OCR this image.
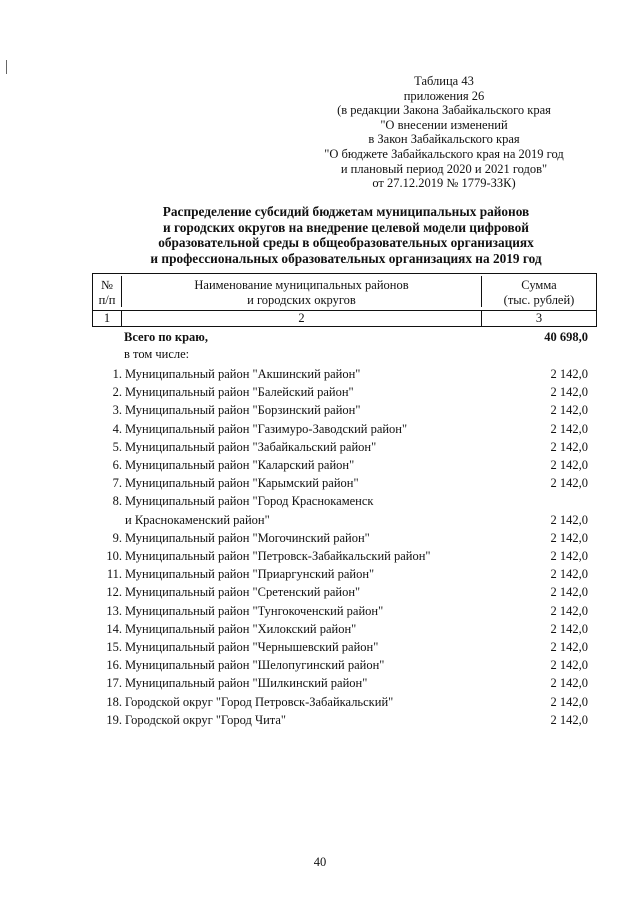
Таблица 43
приложения 26
(в редакции Закона Забайкальского края
"О внесении изменений
в Закон Забайкальского края
"О бюджете Забайкальского края на 2019 год
и плановый период 2020 и 2021 годов"
от 27.12.2019 № 1779-ЗЗК)
Распределение субсидий бюджетам муниципальных районов
и городских округов на внедрение целевой модели цифровой
образовательной среды в общеобразовательных организациях
и профессиональных образовательных организациях на 2019 год
№
п/п
Наименование муниципальных районов
и городских округов
Сумма
(тыс. рублей)
1	2	3
Всего по краю,	40 698,0
в том числе:
1. Муниципальный район "Акшинский район"	2 142,0
2. Муниципальный район "Балейский район"	2 142,0
3. Муниципальный район "Борзинский район"	2 142,0
4. Муниципальный район "Газимуро-Заводский район"	2 142,0
5. Муниципальный район "Забайкальский район"	2 142,0
6. Муниципальный район "Каларский район"	2 142,0
7. Муниципальный район "Карымский район"	2 142,0
8. Муниципальный район "Город Краснокаменск
и Краснокаменский район"	2 142,0
9. Муниципальный район "Могочинский район"	2 142,0
10. Муниципальный район "Петровск-Забайкальский район"	2 142,0
11. Муниципальный район "Приаргунский район"	2 142,0
12. Муниципальный район "Сретенский район"	2 142,0
13. Муниципальный район "Тунгокоченский район"	2 142,0
14. Муниципальный район "Хилокский район"	2 142,0
15. Муниципальный район "Чернышевский район"	2 142,0
16. Муниципальный район "Шелопугинский район"	2 142,0
17. Муниципальный район "Шилкинский район"	2 142,0
18. Городской округ "Город Петровск-Забайкальский"	2 142,0
19. Городской округ "Город Чита"	2 142,0
40
